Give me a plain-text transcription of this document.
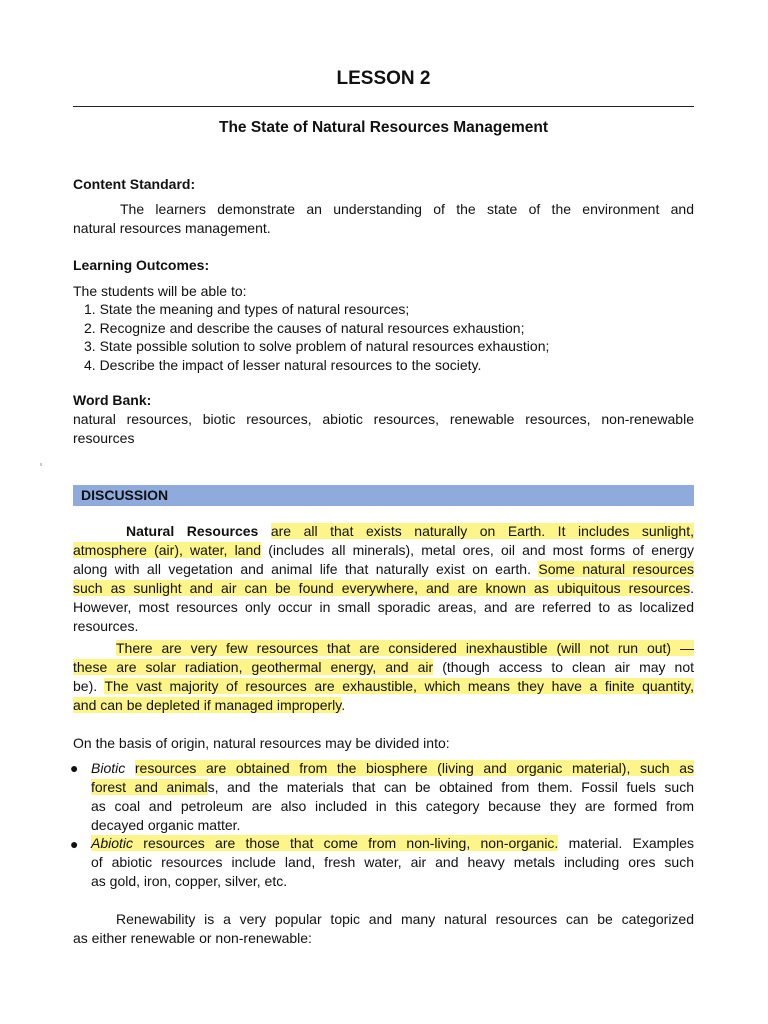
LESSON 2
The State of Natural Resources Management
Content Standard:
The learners demonstrate an understanding of the state of the environment and
natural resources management.
Learning Outcomes:
The students will be able to:
1. State the meaning and types of natural resources;
2. Recognize and describe the causes of natural resources exhaustion;
3. State possible solution to solve problem of natural resources exhaustion;
4. Describe the impact of lesser natural resources to the society.
Word Bank:
natural resources, biotic resources, abiotic resources, renewable resources, non-renewable
resources
DISCUSSION
Natural Resources are all that exists naturally on Earth. It includes sunlight,
atmosphere (air), water, land (includes all minerals), metal ores, oil and most forms of energy
along with all vegetation and animal life that naturally exist on earth. Some natural resources
such as sunlight and air can be found everywhere, and are known as ubiquitous resources.
However, most resources only occur in small sporadic areas, and are referred to as localized
resources.
There are very few resources that are considered inexhaustible (will not run out) —
these are solar radiation, geothermal energy, and air (though access to clean air may not
be). The vast majority of resources are exhaustible, which means they have a finite quantity,
and can be depleted if managed improperly.
On the basis of origin, natural resources may be divided into:
● Biotic resources are obtained from the biosphere (living and organic material), such as
forest and animals, and the materials that can be obtained from them. Fossil fuels such
as coal and petroleum are also included in this category because they are formed from
decayed organic matter.
● Abiotic resources are those that come from non-living, non-organic. material. Examples
of abiotic resources include land, fresh water, air and heavy metals including ores such
as gold, iron, copper, silver, etc.
Renewability is a very popular topic and many natural resources can be categorized
as either renewable or non-renewable:
